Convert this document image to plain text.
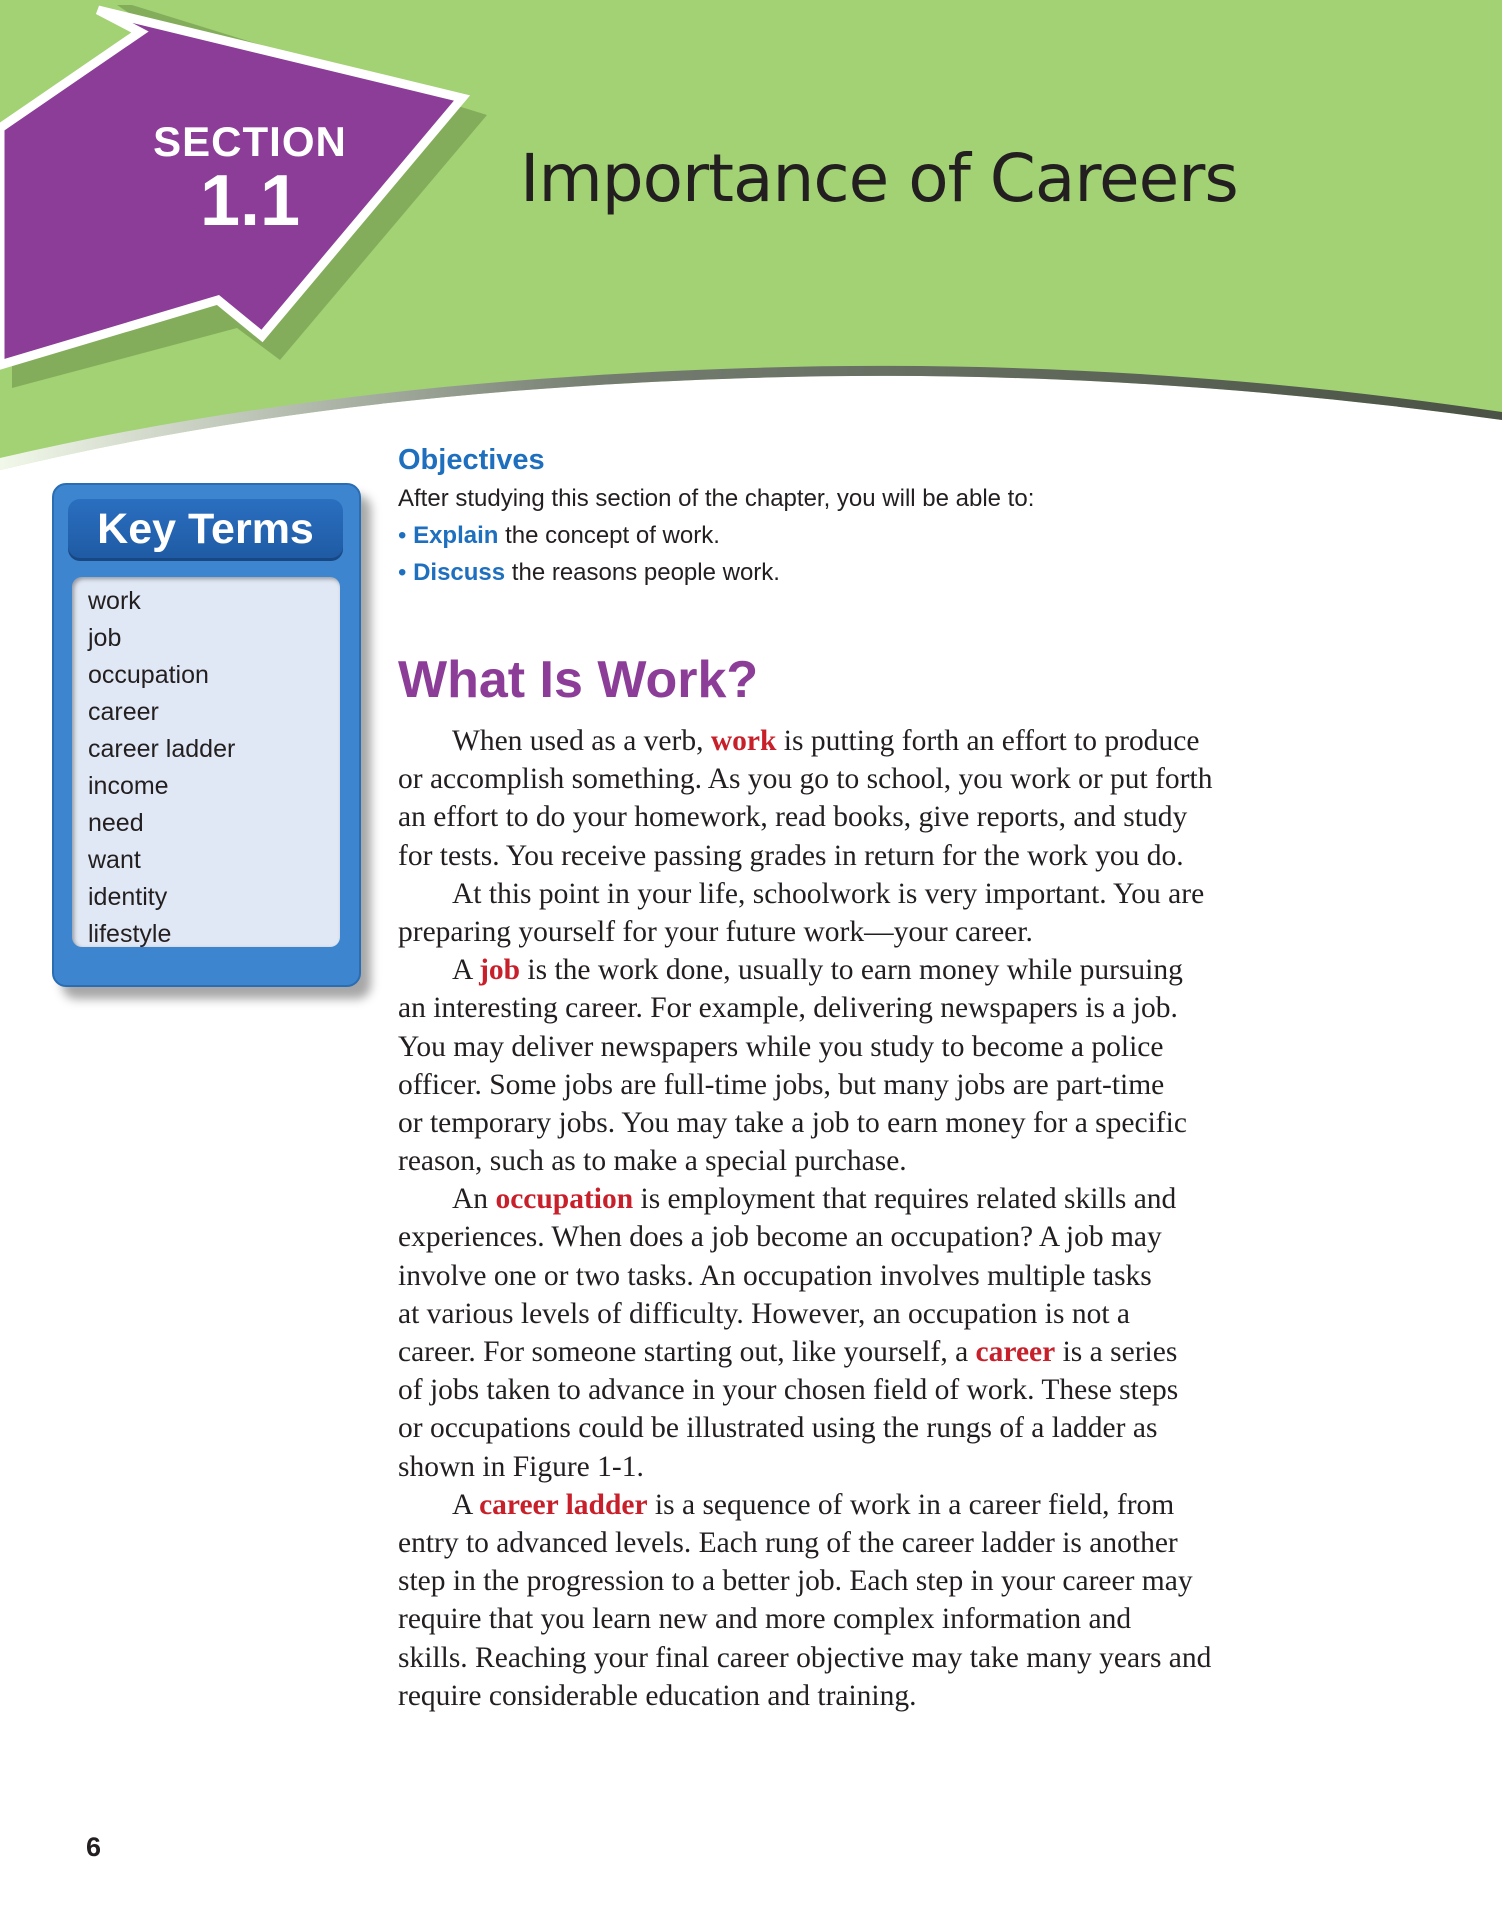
SECTION
1.1	Importance of Careers
Key Terms
work
job
occupation
career
career ladder
income
need
want
identity
lifestyle
Objectives
After studying this section of the chapter, you will be able to:
• Explain the concept of work.
• Discuss the reasons people work.
What Is Work?
When used as a verb, work is putting forth an effort to produce
or accomplish something. As you go to school, you work or put forth
an effort to do your homework, read books, give reports, and study
for tests. You receive passing grades in return for the work you do.
At this point in your life, schoolwork is very important. You are
preparing yourself for your future work—your career.
A job is the work done, usually to earn money while pursuing
an interesting career. For example, delivering newspapers is a job.
You may deliver newspapers while you study to become a police
officer. Some jobs are full-time jobs, but many jobs are part-time
or temporary jobs. You may take a job to earn money for a specific
reason, such as to make a special purchase.
An occupation is employment that requires related skills and
experiences. When does a job become an occupation? A job may
involve one or two tasks. An occupation involves multiple tasks
at various levels of difficulty. However, an occupation is not a
career. For someone starting out, like yourself, a career is a series
of jobs taken to advance in your chosen field of work. These steps
or occupations could be illustrated using the rungs of a ladder as
shown in Figure 1-1.
A career ladder is a sequence of work in a career field, from
entry to advanced levels. Each rung of the career ladder is another
step in the progression to a better job. Each step in your career may
require that you learn new and more complex information and
skills. Reaching your final career objective may take many years and
require considerable education and training.
6
